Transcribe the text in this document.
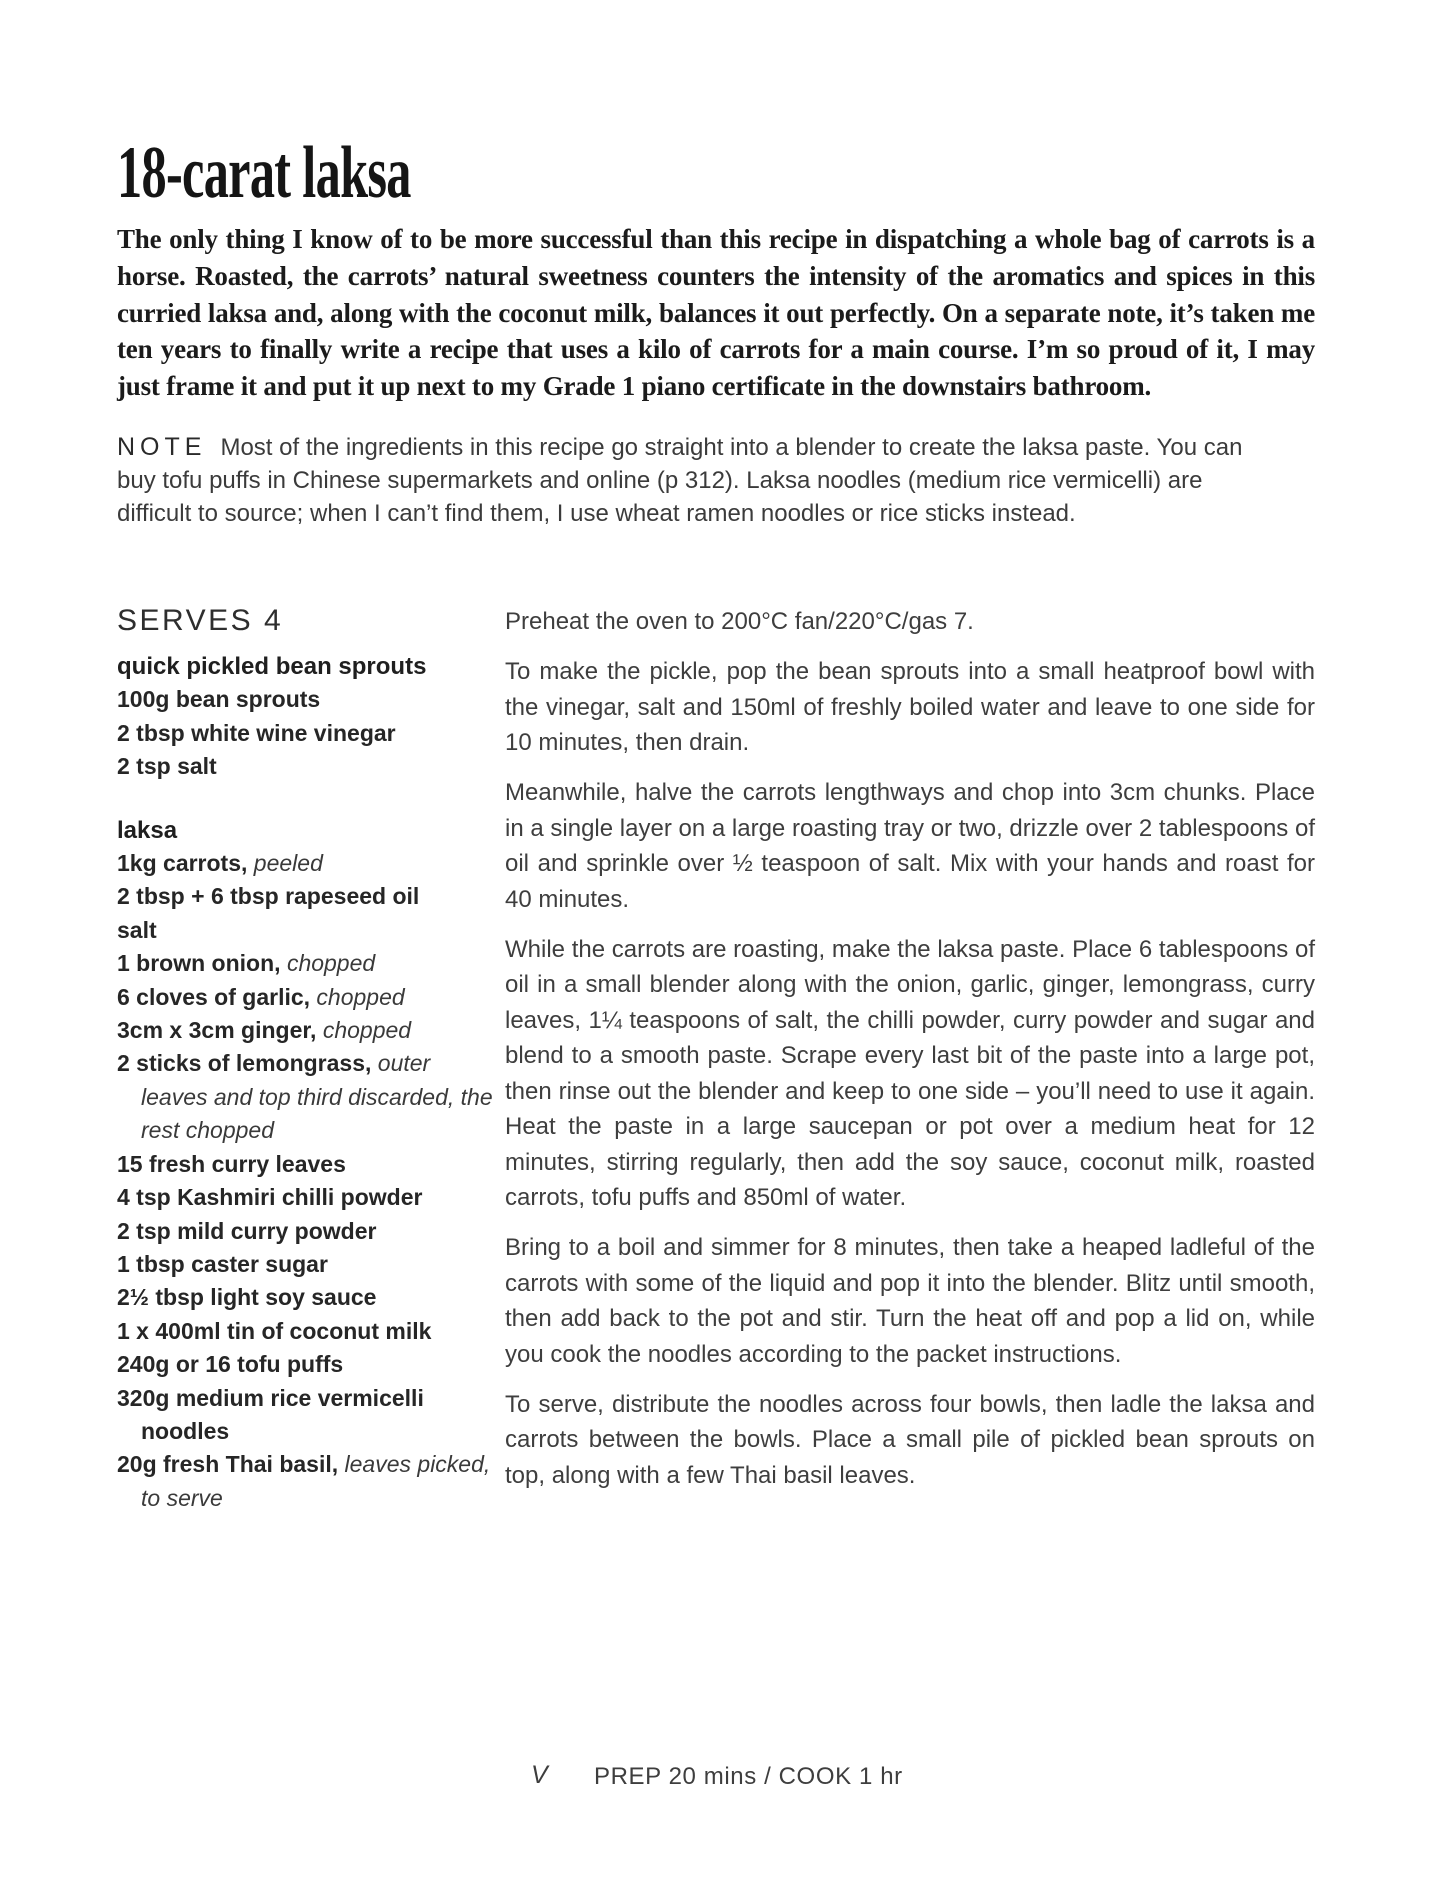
18-carat laksa

The only thing I know of to be more successful than this recipe in dispatching a whole bag of carrots is a horse. Roasted, the carrots’ natural sweetness counters the intensity of the aromatics and spices in this curried laksa and, along with the coconut milk, balances it out perfectly. On a separate note, it’s taken me ten years to finally write a recipe that uses a kilo of carrots for a main course. I’m so proud of it, I may just frame it and put it up next to my Grade 1 piano certificate in the downstairs bathroom.

NOTE Most of the ingredients in this recipe go straight into a blender to create the laksa paste. You can buy tofu puffs in Chinese supermarkets and online (p 312). Laksa noodles (medium rice vermicelli) are difficult to source; when I can’t find them, I use wheat ramen noodles or rice sticks instead.

SERVES 4
quick pickled bean sprouts
100g bean sprouts
2 tbsp white wine vinegar
2 tsp salt
laksa
1kg carrots, peeled
2 tbsp + 6 tbsp rapeseed oil
salt
1 brown onion, chopped
6 cloves of garlic, chopped
3cm x 3cm ginger, chopped
2 sticks of lemongrass, outer leaves and top third discarded, the rest chopped
15 fresh curry leaves
4 tsp Kashmiri chilli powder
2 tsp mild curry powder
1 tbsp caster sugar
2½ tbsp light soy sauce
1 x 400ml tin of coconut milk
240g or 16 tofu puffs
320g medium rice vermicelli noodles
20g fresh Thai basil, leaves picked, to serve

Preheat the oven to 200°C fan/220°C/gas 7.

To make the pickle, pop the bean sprouts into a small heatproof bowl with the vinegar, salt and 150ml of freshly boiled water and leave to one side for 10 minutes, then drain.

Meanwhile, halve the carrots lengthways and chop into 3cm chunks. Place in a single layer on a large roasting tray or two, drizzle over 2 tablespoons of oil and sprinkle over ½ teaspoon of salt. Mix with your hands and roast for 40 minutes.

While the carrots are roasting, make the laksa paste. Place 6 tablespoons of oil in a small blender along with the onion, garlic, ginger, lemongrass, curry leaves, 1¼ teaspoons of salt, the chilli powder, curry powder and sugar and blend to a smooth paste. Scrape every last bit of the paste into a large pot, then rinse out the blender and keep to one side – you’ll need to use it again. Heat the paste in a large saucepan or pot over a medium heat for 12 minutes, stirring regularly, then add the soy sauce, coconut milk, roasted carrots, tofu puffs and 850ml of water.

Bring to a boil and simmer for 8 minutes, then take a heaped ladleful of the carrots with some of the liquid and pop it into the blender. Blitz until smooth, then add back to the pot and stir. Turn the heat off and pop a lid on, while you cook the noodles according to the packet instructions.

To serve, distribute the noodles across four bowls, then ladle the laksa and carrots between the bowls. Place a small pile of pickled bean sprouts on top, along with a few Thai basil leaves.

V PREP 20 mins / COOK 1 hr
